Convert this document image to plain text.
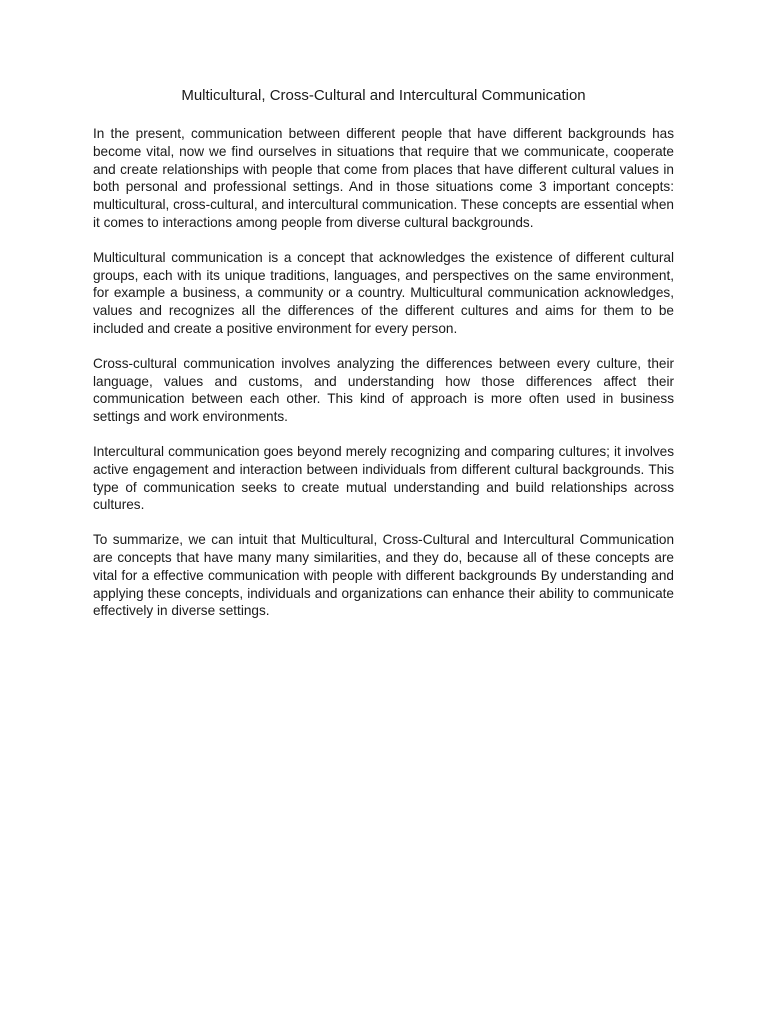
Multicultural, Cross-Cultural and Intercultural Communication

In the present, communication between different people that have different backgrounds has become vital, now we find ourselves in situations that require that we communicate, cooperate and create relationships with people that come from places that have different cultural values in both personal and professional settings. And in those situations come 3 important concepts: multicultural, cross-cultural, and intercultural communication. These concepts are essential when it comes to interactions among people from diverse cultural backgrounds.

Multicultural communication is a concept that acknowledges the existence of different cultural groups, each with its unique traditions, languages, and perspectives on the same environment, for example a business, a community or a country. Multicultural communication acknowledges, values and recognizes all the differences of the different cultures and aims for them to be included and create a positive environment for every person.

Cross-cultural communication involves analyzing the differences between every culture, their language, values and customs, and understanding how those differences affect their communication between each other. This kind of approach is more often used in business settings and work environments.

Intercultural communication goes beyond merely recognizing and comparing cultures; it involves active engagement and interaction between individuals from different cultural backgrounds. This type of communication seeks to create mutual understanding and build relationships across cultures.

To summarize, we can intuit that Multicultural, Cross-Cultural and Intercultural Communication are concepts that have many many similarities, and they do, because all of these concepts are vital for a effective communication with people with different backgrounds By understanding and applying these concepts, individuals and organizations can enhance their ability to communicate effectively in diverse settings.
